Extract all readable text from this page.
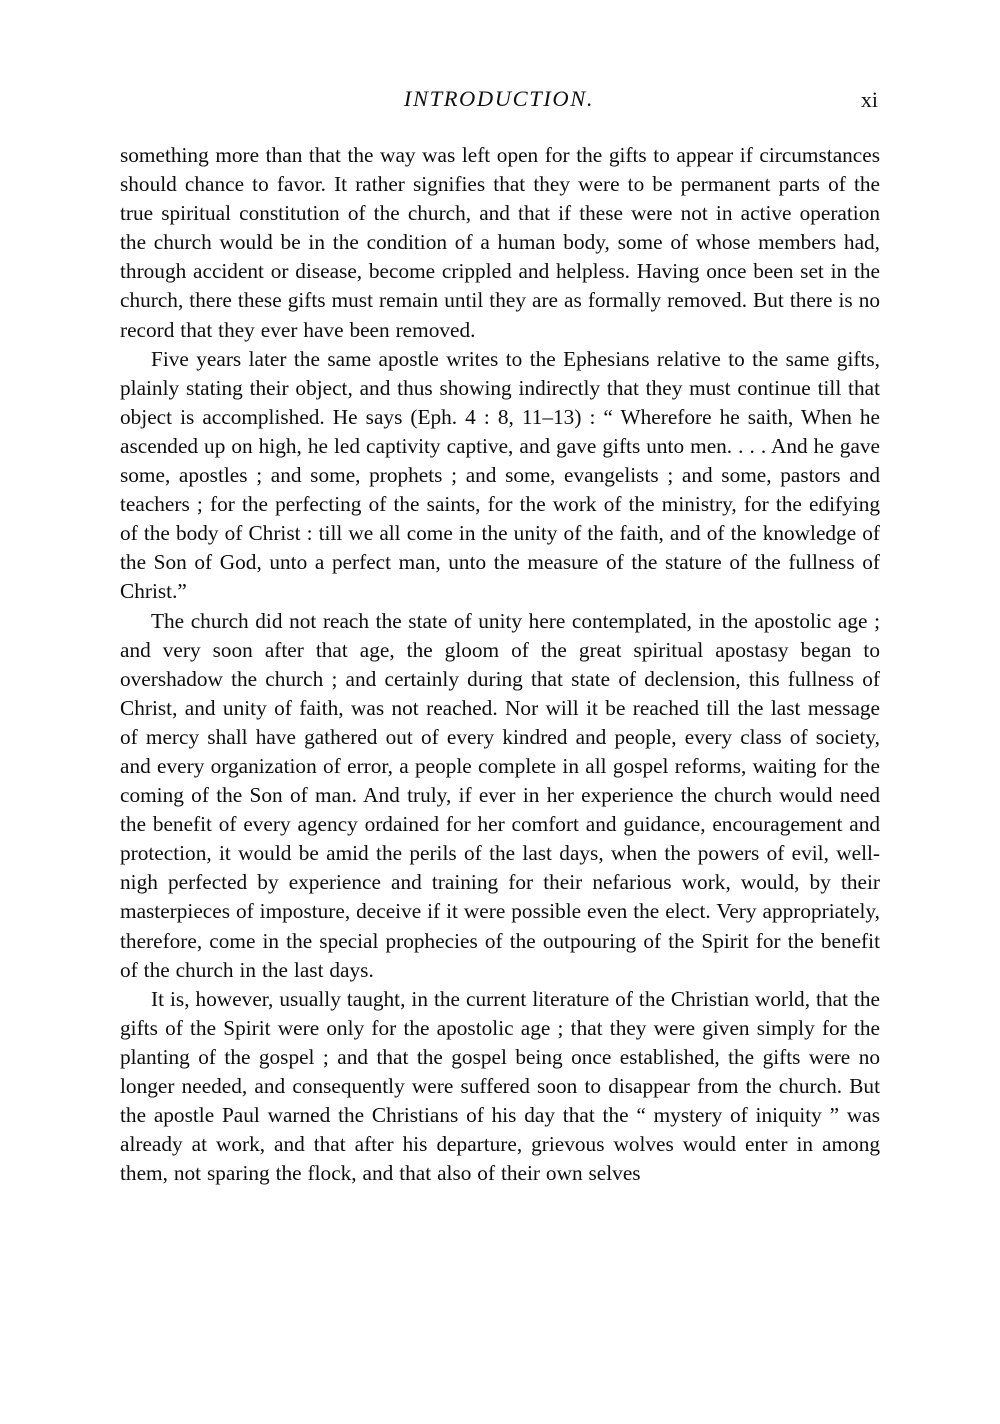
INTRODUCTION.	xi

something more than that the way was left open for the gifts to appear if circumstances should chance to favor. It rather signifies that they were to be permanent parts of the true spiritual constitution of the church, and that if these were not in active operation the church would be in the condition of a human body, some of whose members had, through accident or disease, become crippled and helpless. Having once been set in the church, there these gifts must remain until they are as formally removed. But there is no record that they ever have been removed.

Five years later the same apostle writes to the Ephesians relative to the same gifts, plainly stating their object, and thus showing indirectly that they must continue till that object is accomplished. He says (Eph. 4 : 8, 11–13) : “ Wherefore he saith, When he ascended up on high, he led captivity captive, and gave gifts unto men. . . . And he gave some, apostles ; and some, prophets ; and some, evangelists ; and some, pastors and teachers ; for the perfecting of the saints, for the work of the ministry, for the edifying of the body of Christ : till we all come in the unity of the faith, and of the knowledge of the Son of God, unto a perfect man, unto the measure of the stature of the fullness of Christ.”

The church did not reach the state of unity here contemplated, in the apostolic age ; and very soon after that age, the gloom of the great spiritual apostasy began to overshadow the church ; and certainly during that state of declension, this fullness of Christ, and unity of faith, was not reached. Nor will it be reached till the last message of mercy shall have gathered out of every kindred and people, every class of society, and every organization of error, a people complete in all gospel reforms, waiting for the coming of the Son of man. And truly, if ever in her experience the church would need the benefit of every agency ordained for her comfort and guidance, encouragement and protection, it would be amid the perils of the last days, when the powers of evil, well-nigh perfected by experience and training for their nefarious work, would, by their masterpieces of imposture, deceive if it were possible even the elect. Very appropriately, therefore, come in the special prophecies of the outpouring of the Spirit for the benefit of the church in the last days.

It is, however, usually taught, in the current literature of the Christian world, that the gifts of the Spirit were only for the apostolic age ; that they were given simply for the planting of the gospel ; and that the gospel being once established, the gifts were no longer needed, and consequently were suffered soon to disappear from the church. But the apostle Paul warned the Christians of his day that the “ mystery of iniquity ” was already at work, and that after his departure, grievous wolves would enter in among them, not sparing the flock, and that also of their own selves
